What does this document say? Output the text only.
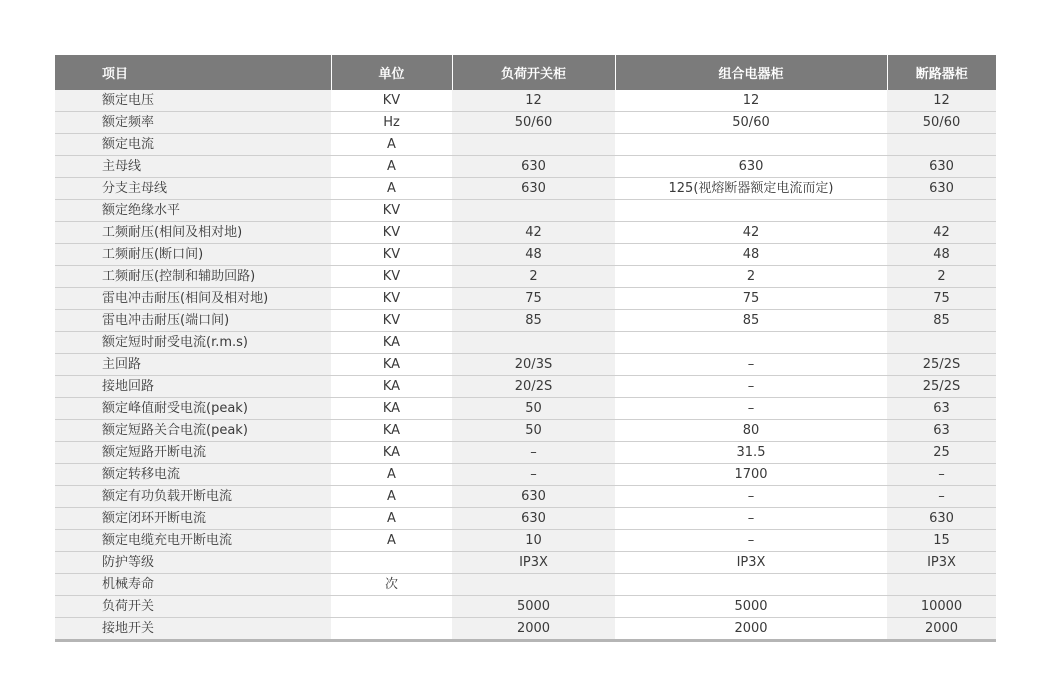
项目	单位	负荷开关柜	组合电器柜	断路器柜
额定电压	KV	12	12	12
额定频率	Hz	50/60	50/60	50/60
额定电流	A			
主母线	A	630	630	630
分支主母线	A	630	125(视熔断器额定电流而定)	630
额定绝缘水平	KV			
工频耐压(相间及相对地)	KV	42	42	42
工频耐压(断口间)	KV	48	48	48
工频耐压(控制和辅助回路)	KV	2	2	2
雷电冲击耐压(相间及相对地)	KV	75	75	75
雷电冲击耐压(端口间)	KV	85	85	85
额定短时耐受电流(r.m.s)	KA			
主回路	KA	20/3S	–	25/2S
接地回路	KA	20/2S	–	25/2S
额定峰值耐受电流(peak)	KA	50	–	63
额定短路关合电流(peak)	KA	50	80	63
额定短路开断电流	KA	–	31.5	25
额定转移电流	A	–	1700	–
额定有功负载开断电流	A	630	–	–
额定闭环开断电流	A	630	–	630
额定电缆充电开断电流	A	10	–	15
防护等级		IP3X	IP3X	IP3X
机械寿命	次			
负荷开关		5000	5000	10000
接地开关		2000	2000	2000
